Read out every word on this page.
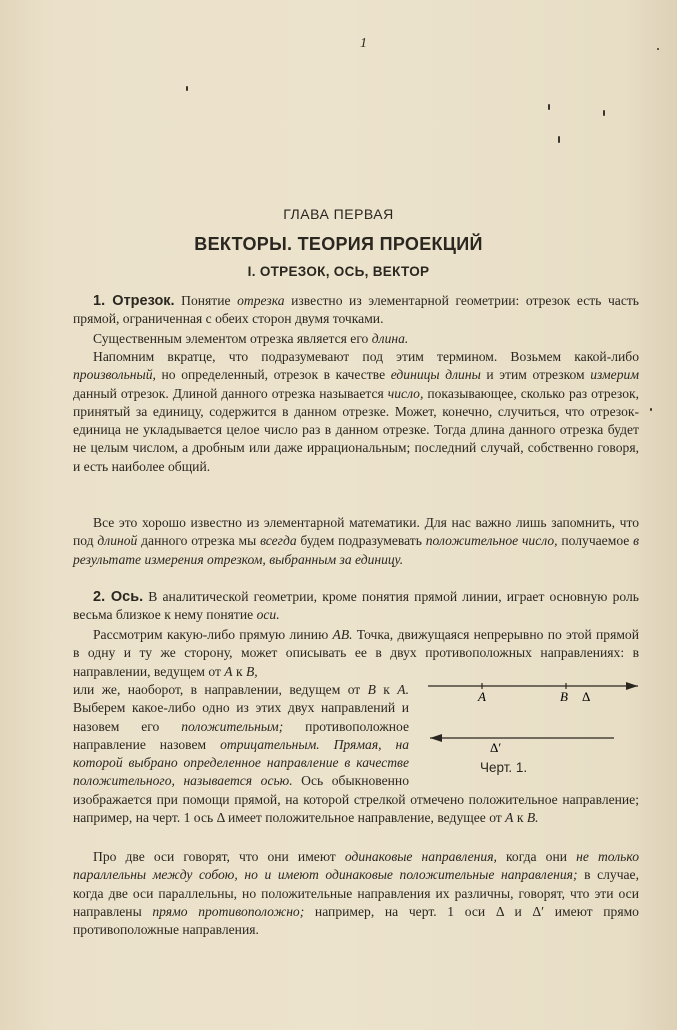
1
ГЛАВА ПЕРВАЯ
ВЕКТОРЫ. ТЕОРИЯ ПРОЕКЦИЙ
I. ОТРЕЗОК, ОСЬ, ВЕКТОР

1. Отрезок. Понятие отрезка известно из элементарной геометрии: отрезок есть часть прямой, ограниченная с обеих сторон двумя точками.

Существенным элементом отрезка является его длина.

Напомним вкратце, что подразумевают под этим термином. Возьмем какой-либо произвольный, но определенный, отрезок в качестве единицы длины и этим отрезком измерим данный отрезок. Длиной данного отрезка называется число, показывающее, сколько раз отрезок, принятый за единицу, содержится в данном отрезке. Может, конечно, случиться, что отрезок-единица не укладывается целое число раз в данном отрезке. Тогда длина данного отрезка будет не целым числом, а дробным или даже иррациональным; последний случай, собственно говоря, и есть наиболее общий.

Все это хорошо известно из элементарной математики. Для нас важно лишь запомнить, что под длиной данного отрезка мы всегда будем подразумевать положительное число, получаемое в результате измерения отрезком, выбранным за единицу.

2. Ось. В аналитической геометрии, кроме понятия прямой линии, играет основную роль весьма близкое к нему понятие оси.

Рассмотрим какую-либо прямую линию AB. Точка, движущаяся непрерывно по этой прямой в одну и ту же сторону, может описывать ее в двух противоположных направлениях: в направлении, ведущем от A к B,

или же, наоборот, в направлении, ведущем от B к A. Выберем какое-либо одно из этих двух направлений и назовем его положительным; противоположное направление назовем отрицательным. Прямая, на которой выбрано определенное направление в качестве положительного, называется осью. Ось обыкновенно изображается при помощи прямой, на которой стрелкой отмечено положительное направление; например, на черт. 1 ось Δ имеет положительное направление, ведущее от A к B.

Про две оси говорят, что они имеют одинаковые направления, когда они не только параллельны между собою, но и имеют одинаковые положительные направления; в случае, когда две оси параллельны, но положительные направления их различны, говорят, что эти оси направлены прямо противоположно; например, на черт. 1 оси Δ и Δ′ имеют прямо противоположные направления.

A	B Δ
Δ′
Черт. 1.
